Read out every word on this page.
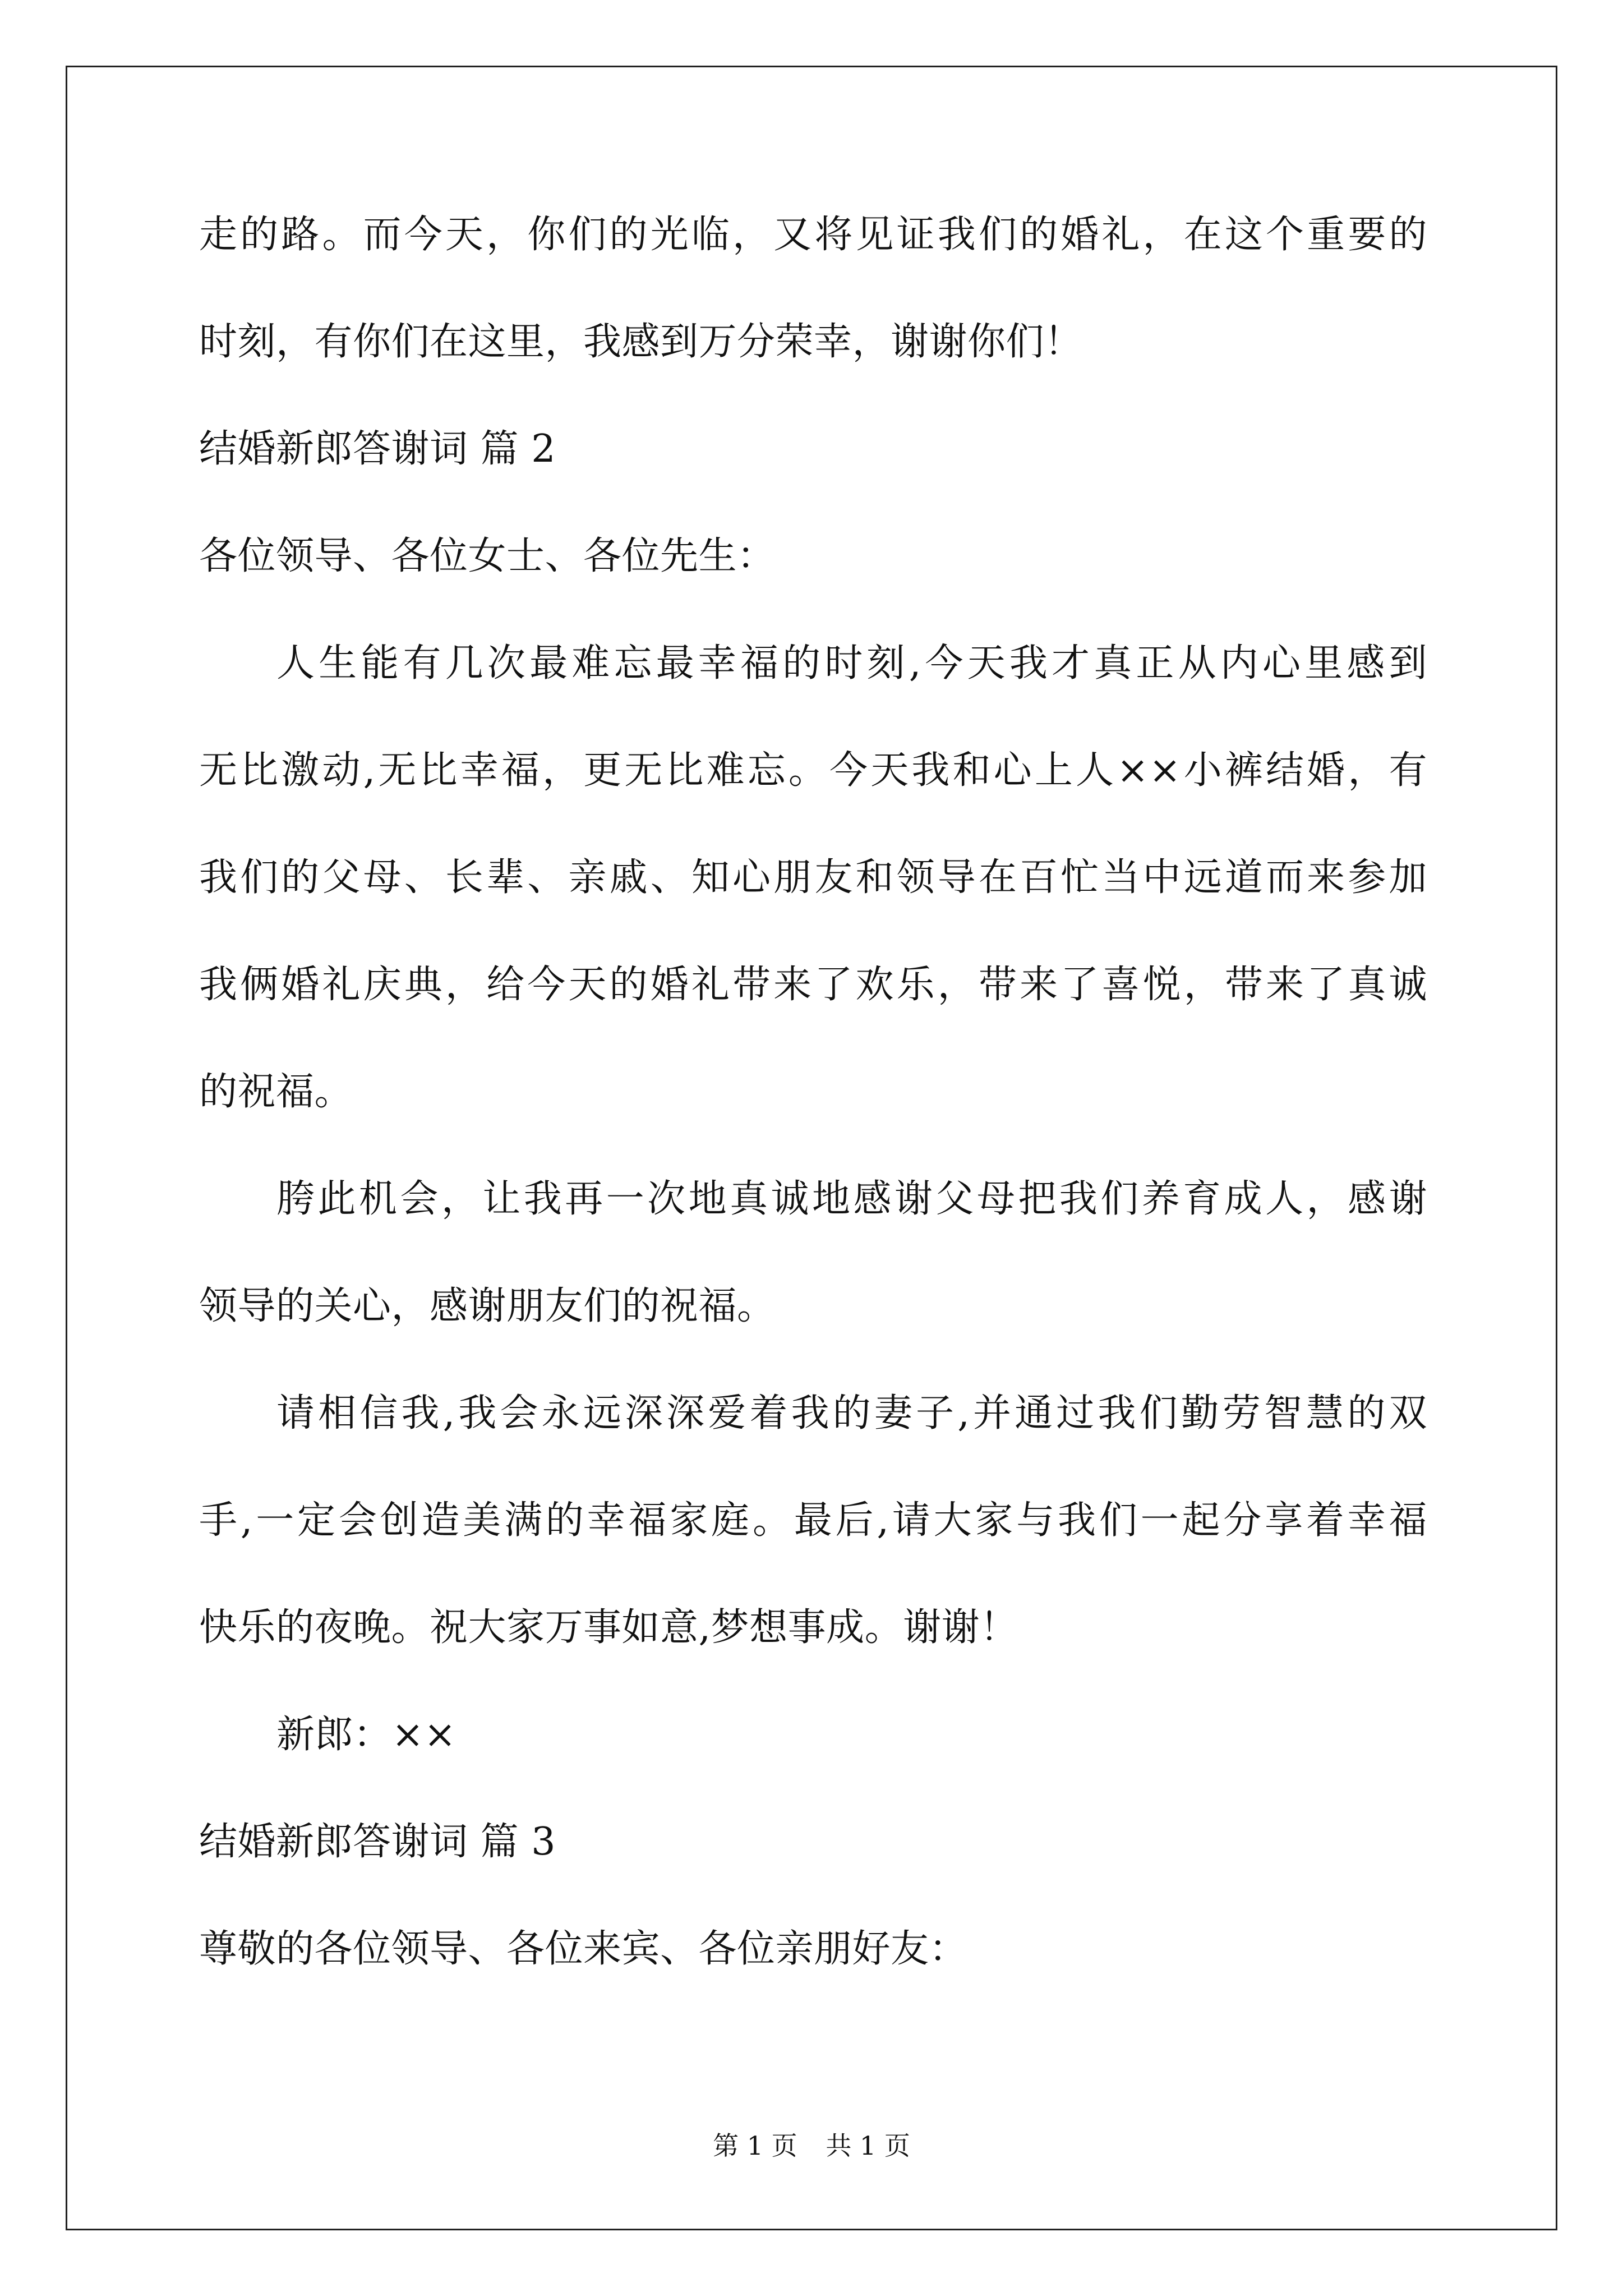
走的路。而今天，你们的光临，又将见证我们的婚礼，在这个重要的
时刻，有你们在这里，我感到万分荣幸，谢谢你们！
结婚新郎答谢词 篇 2
各位领导、各位女士、各位先生：
人生能有几次最难忘最幸福的时刻,今天我才真正从内心里感到
无比激动,无比幸福，更无比难忘。今天我和心上人××小裤结婚，有
我们的父母、长辈、亲戚、知心朋友和领导在百忙当中远道而来参加
我俩婚礼庆典，给今天的婚礼带来了欢乐，带来了喜悦，带来了真诚
的祝福。
胯此机会，让我再一次地真诚地感谢父母把我们养育成人，感谢
领导的关心，感谢朋友们的祝福。
请相信我,我会永远深深爱着我的妻子,并通过我们勤劳智慧的双
手,一定会创造美满的幸福家庭。最后,请大家与我们一起分享着幸福
快乐的夜晚。祝大家万事如意,梦想事成。谢谢！
新郎：××
结婚新郎答谢词 篇 3
尊敬的各位领导、各位来宾、各位亲朋好友：
第 1 页 共 1 页
